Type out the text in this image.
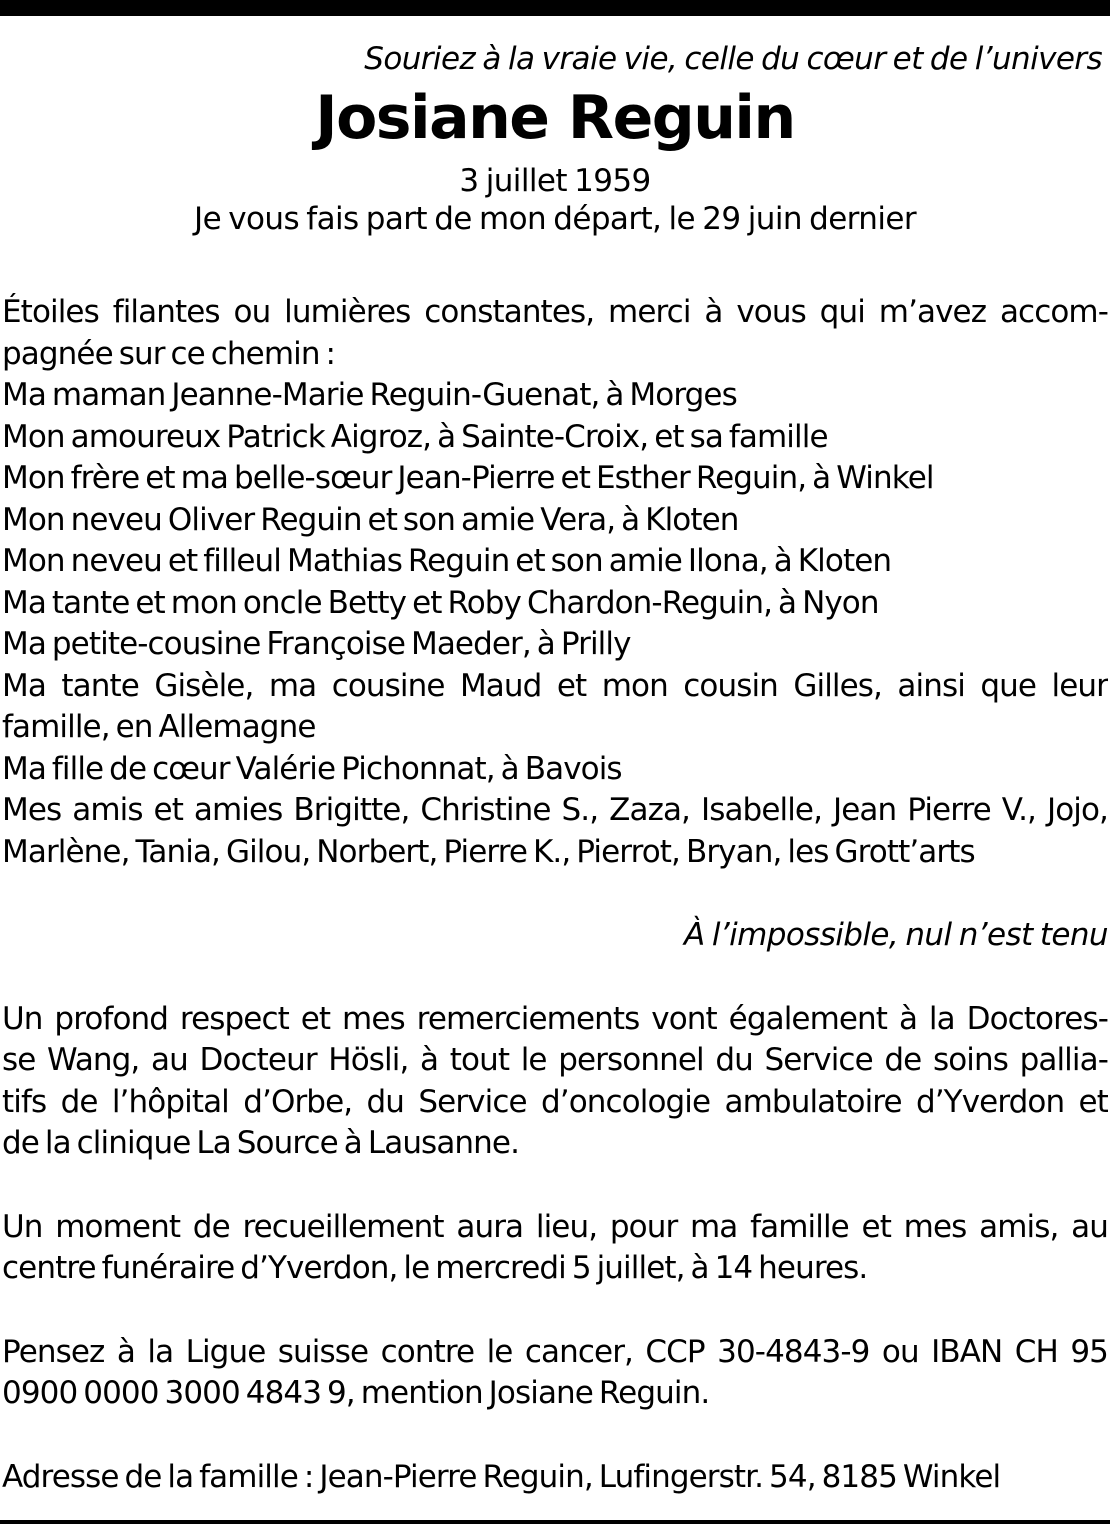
Souriez à la vraie vie, celle du cœur et de l’univers
Josiane Reguin
3 juillet 1959
Je vous fais part de mon départ, le 29 juin dernier
Étoiles filantes ou lumières constantes, merci à vous qui m’avez accom-
pagnée sur ce chemin :
Ma maman Jeanne-Marie Reguin-Guenat, à Morges
Mon amoureux Patrick Aigroz, à Sainte-Croix, et sa famille
Mon frère et ma belle-sœur Jean-Pierre et Esther Reguin, à Winkel
Mon neveu Oliver Reguin et son amie Vera, à Kloten
Mon neveu et filleul Mathias Reguin et son amie Ilona, à Kloten
Ma tante et mon oncle Betty et Roby Chardon-Reguin, à Nyon
Ma petite-cousine Françoise Maeder, à Prilly
Ma tante Gisèle, ma cousine Maud et mon cousin Gilles, ainsi que leur
famille, en Allemagne
Ma fille de cœur Valérie Pichonnat, à Bavois
Mes amis et amies Brigitte, Christine S., Zaza, Isabelle, Jean Pierre V., Jojo,
Marlène, Tania, Gilou, Norbert, Pierre K., Pierrot, Bryan, les Grott’arts
À l’impossible, nul n’est tenu
Un profond respect et mes remerciements vont également à la Doctores-
se Wang, au Docteur Hösli, à tout le personnel du Service de soins pallia-
tifs de l’hôpital d’Orbe, du Service d’oncologie ambulatoire d’Yverdon et
de la clinique La Source à Lausanne.
Un moment de recueillement aura lieu, pour ma famille et mes amis, au
centre funéraire d’Yverdon, le mercredi 5 juillet, à 14 heures.
Pensez à la Ligue suisse contre le cancer, CCP 30-4843-9 ou IBAN CH 95
0900 0000 3000 4843 9, mention Josiane Reguin.
Adresse de la famille : Jean-Pierre Reguin, Lufingerstr. 54, 8185 Winkel
